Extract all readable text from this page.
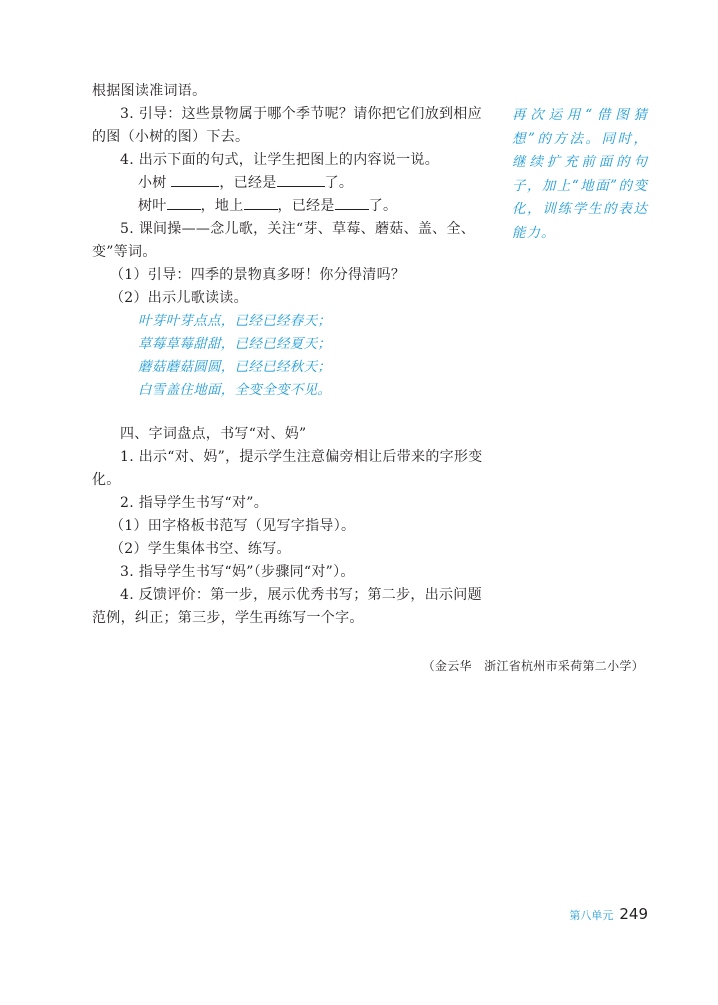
根据图读准词语。

3. 引导：这些景物属于哪个季节呢？请你把它们放到相应的图（小树的图）下去。

4. 出示下面的句式，让学生把图上的内容说一说。

小树	，已经是	了。

树叶 ，地上 ，已经是 了。

5. 课间操——念儿歌，关注“芽、草莓、蘑菇、盖、全、变”等词。

（1）引导：四季的景物真多呀！你分得清吗？

（2）出示儿歌读读。

叶芽叶芽点点，已经已经春天；

草莓草莓甜甜，已经已经夏天；

蘑菇蘑菇圆圆，已经已经秋天；

白雪盖住地面，全变全变不见。

四、字词盘点，书写“对、妈”

1. 出示“对、妈”，提示学生注意偏旁相让后带来的字形变化。

2. 指导学生书写“对”。

（1）田字格板书范写（见写字指导）。

（2）学生集体书空、练写。

3. 指导学生书写“妈”（步骤同“对”）。

4. 反馈评价：第一步，展示优秀书写；第二步，出示问题范例，纠正；第三步，学生再练写一个字。

再次运用“借图猜想”的方法。同时，继续扩充前面的句子，加上“地面”的变化，训练学生的表达能力。

（金云华　浙江省杭州市采荷第二小学）
第八单元 249
